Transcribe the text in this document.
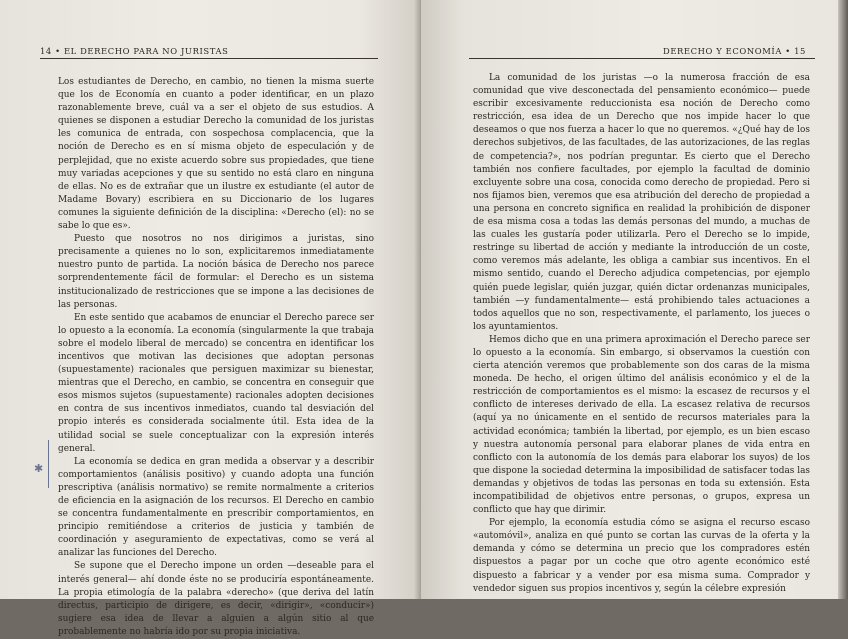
14 • EL DERECHO PARA NO JURISTAS

Los estudiantes de Derecho, en cambio, no tienen la misma suerte que los de Economía en cuanto a poder identificar, en un plazo razonablemente breve, cuál va a ser el objeto de sus estudios. A quienes se disponen a estudiar Derecho la comunidad de los juristas les comunica de entrada, con sospechosa complacencia, que la noción de Derecho es en sí misma objeto de especulación y de perplejidad, que no existe acuerdo sobre sus propiedades, que tiene muy variadas acepciones y que su sentido no está claro en ninguna de ellas. No es de extrañar que un ilustre ex estudiante (el autor de Madame Bovary) escribiera en su Diccionario de los lugares comunes la siguiente definición de la disciplina: «Derecho (el): no se sabe lo que es».

Puesto que nosotros no nos dirigimos a juristas, sino precisamente a quienes no lo son, explicitaremos inmediatamente nuestro punto de partida. La noción básica de Derecho nos parece sorprendentemente fácil de formular: el Derecho es un sistema institucionalizado de restricciones que se impone a las decisiones de las personas.

En este sentido que acabamos de enunciar el Derecho parece ser lo opuesto a la economía. La economía (singularmente la que trabaja sobre el modelo liberal de mercado) se concentra en identificar los incentivos que motivan las decisiones que adoptan personas (supuestamente) racionales que persiguen maximizar su bienestar, mientras que el Derecho, en cambio, se concentra en conseguir que esos mismos sujetos (supuestamente) racionales adopten decisiones en contra de sus incentivos inmediatos, cuando tal desviación del propio interés es considerada socialmente útil. Esta idea de la utilidad social se suele conceptualizar con la expresión interés general.

La economía se dedica en gran medida a observar y a describir comportamientos (análisis positivo) y cuando adopta una función prescriptiva (análisis normativo) se remite normalmente a criterios de eficiencia en la asignación de los recursos. El Derecho en cambio se concentra fundamentalmente en prescribir comportamientos, en principio remitiéndose a criterios de justicia y también de coordinación y aseguramiento de expectativas, como se verá al analizar las funciones del Derecho.

Se supone que el Derecho impone un orden —deseable para el interés general— ahí donde éste no se produciría espontáneamente. La propia etimología de la palabra «derecho» (que deriva del latín directus, participio de dirigere, es decir, «dirigir», «conducir») sugiere esa idea de llevar a alguien a algún sitio al que probablemente no habría ido por su propia iniciativa.

✱
DERECHO Y ECONOMÍA • 15

La comunidad de los juristas —o la numerosa fracción de esa comunidad que vive desconectada del pensamiento económico— puede escribir excesivamente reduccionista esa noción de Derecho como restricción, esa idea de un Derecho que nos impide hacer lo que deseamos o que nos fuerza a hacer lo que no queremos. «¿Qué hay de los derechos subjetivos, de las facultades, de las autorizaciones, de las reglas de competencia?», nos podrían preguntar. Es cierto que el Derecho también nos confiere facultades, por ejemplo la facultad de dominio excluyente sobre una cosa, conocida como derecho de propiedad. Pero si nos fijamos bien, veremos que esa atribución del derecho de propiedad a una persona en concreto significa en realidad la prohibición de disponer de esa misma cosa a todas las demás personas del mundo, a muchas de las cuales les gustaría poder utilizarla. Pero el Derecho se lo impide, restringe su libertad de acción y mediante la introducción de un coste, como veremos más adelante, les obliga a cambiar sus incentivos. En el mismo sentido, cuando el Derecho adjudica competencias, por ejemplo quién puede legislar, quién juzgar, quién dictar ordenanzas municipales, también —y fundamentalmente— está prohibiendo tales actuaciones a todos aquellos que no son, respectivamente, el parlamento, los jueces o los ayuntamientos.

Hemos dicho que en una primera aproximación el Derecho parece ser lo opuesto a la economía. Sin embargo, si observamos la cuestión con cierta atención veremos que probablemente son dos caras de la misma moneda. De hecho, el origen último del análisis económico y el de la restricción de comportamientos es el mismo: la escasez de recursos y el conflicto de intereses derivado de ella. La escasez relativa de recursos (aquí ya no únicamente en el sentido de recursos materiales para la actividad económica; también la libertad, por ejemplo, es un bien escaso y nuestra autonomía personal para elaborar planes de vida entra en conflicto con la autonomía de los demás para elaborar los suyos) de los que dispone la sociedad determina la imposibilidad de satisfacer todas las demandas y objetivos de todas las personas en toda su extensión. Esta incompatibilidad de objetivos entre personas, o grupos, expresa un conflicto que hay que dirimir.

Por ejemplo, la economía estudia cómo se asigna el recurso escaso «automóvil», analiza en qué punto se cortan las curvas de la oferta y la demanda y cómo se determina un precio que los compradores estén dispuestos a pagar por un coche que otro agente económico esté dispuesto a fabricar y a vender por esa misma suma. Comprador y vendedor siguen sus propios incentivos y, según la célebre expresión
